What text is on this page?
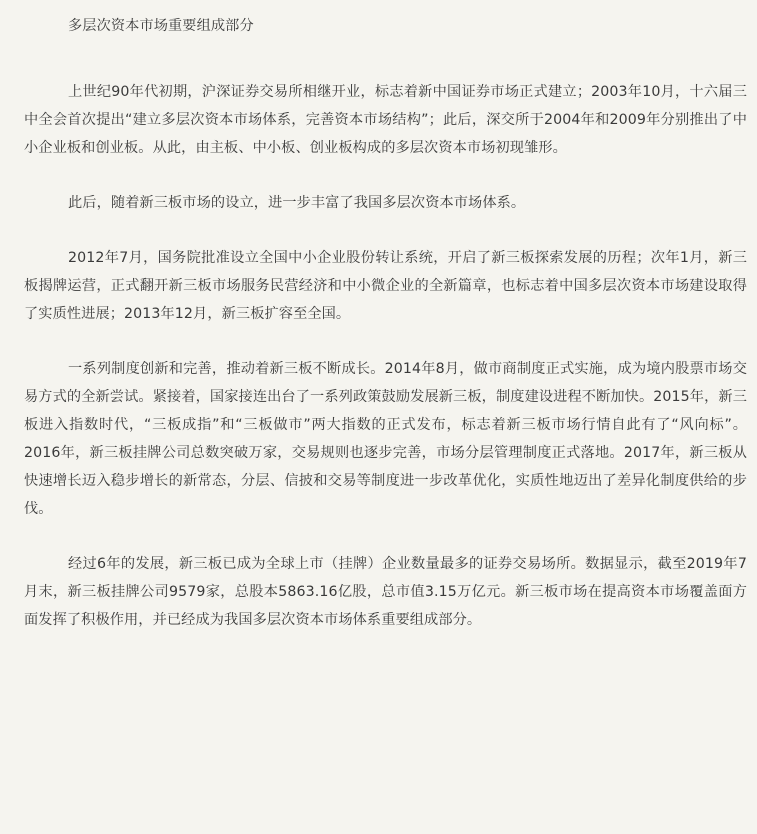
多层次资本市场重要组成部分

上世纪90年代初期，沪深证券交易所相继开业，标志着新中国证券市场正式建立；2003年10月，十六届三中全会首次提出“建立多层次资本市场体系，完善资本市场结构”；此后，深交所于2004年和2009年分别推出了中小企业板和创业板。从此，由主板、中小板、创业板构成的多层次资本市场初现雏形。

此后，随着新三板市场的设立，进一步丰富了我国多层次资本市场体系。

2012年7月，国务院批准设立全国中小企业股份转让系统，开启了新三板探索发展的历程；次年1月，新三板揭牌运营，正式翻开新三板市场服务民营经济和中小微企业的全新篇章，也标志着中国多层次资本市场建设取得了实质性进展；2013年12月，新三板扩容至全国。

一系列制度创新和完善，推动着新三板不断成长。2014年8月，做市商制度正式实施，成为境内股票市场交易方式的全新尝试。紧接着，国家接连出台了一系列政策鼓励发展新三板，制度建设进程不断加快。2015年，新三板进入指数时代，“三板成指”和“三板做市”两大指数的正式发布，标志着新三板市场行情自此有了“风向标”。2016年，新三板挂牌公司总数突破万家，交易规则也逐步完善，市场分层管理制度正式落地。2017年，新三板从快速增长迈入稳步增长的新常态，分层、信披和交易等制度进一步改革优化，实质性地迈出了差异化制度供给的步伐。

经过6年的发展，新三板已成为全球上市（挂牌）企业数量最多的证券交易场所。数据显示，截至2019年7月末，新三板挂牌公司9579家，总股本5863.16亿股，总市值3.15万亿元。新三板市场在提高资本市场覆盖面方面发挥了积极作用，并已经成为我国多层次资本市场体系重要组成部分。
